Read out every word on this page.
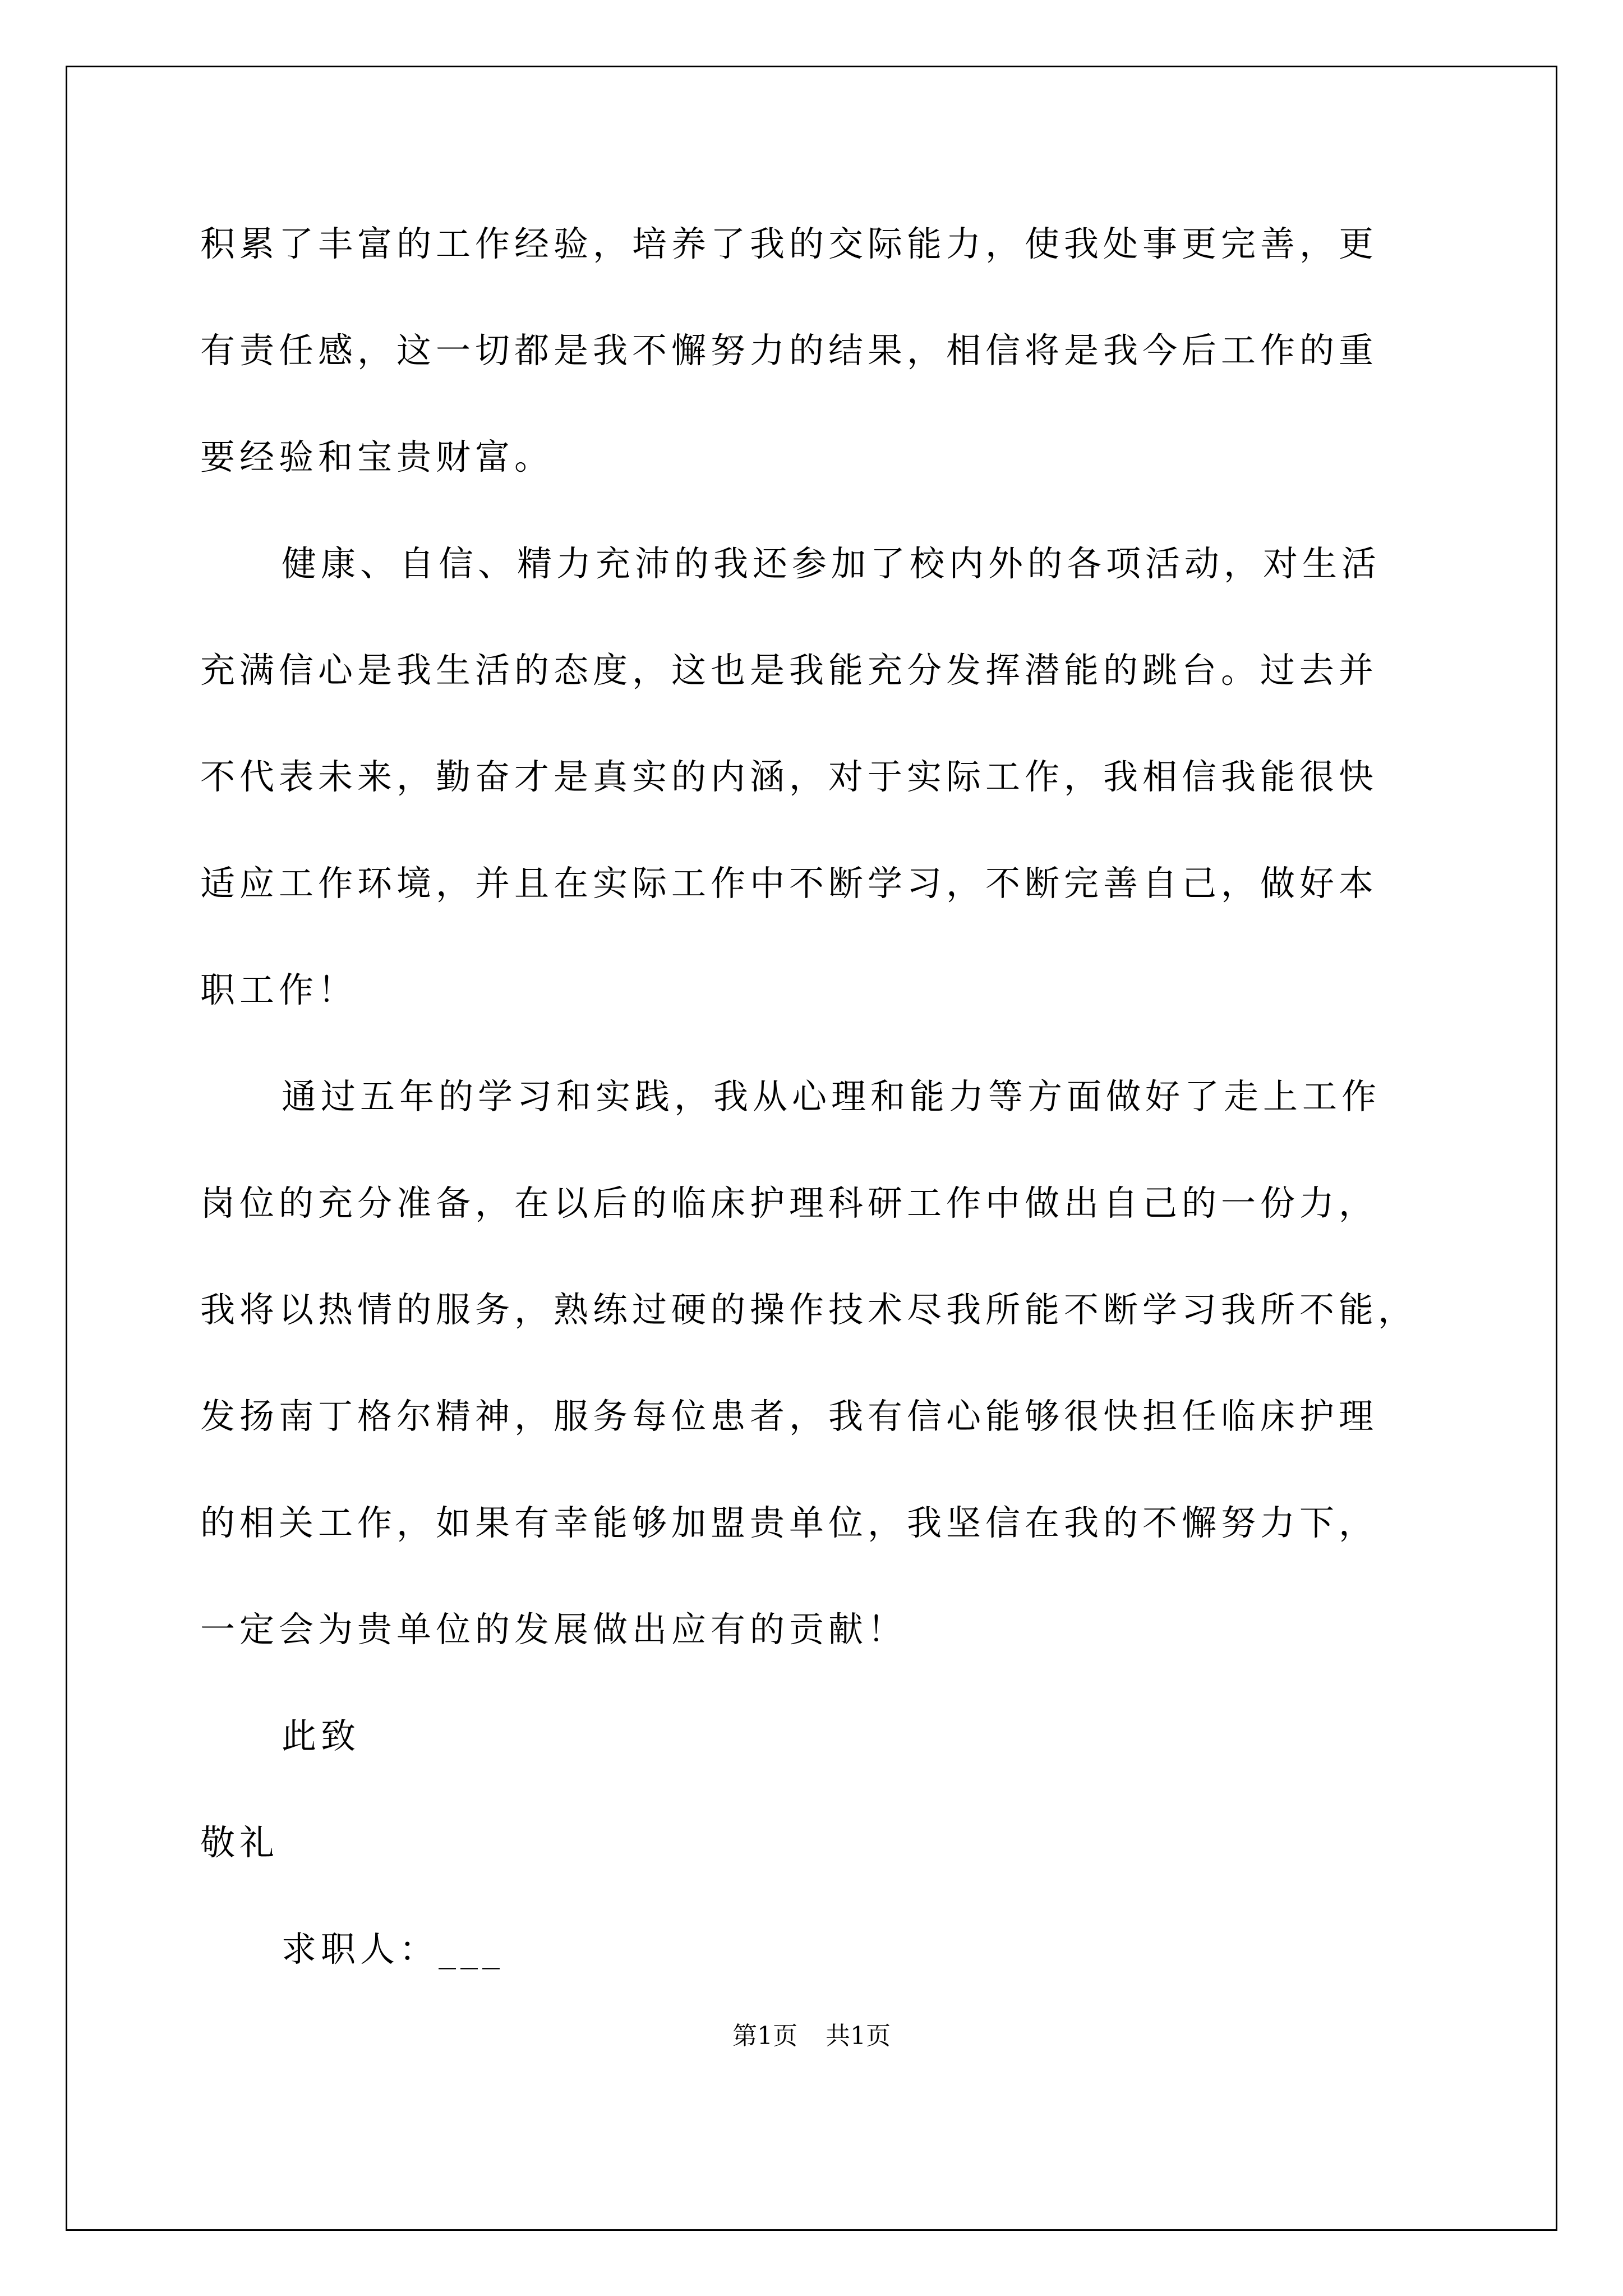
积累了丰富的工作经验，培养了我的交际能力，使我处事更完善，更
有责任感，这一切都是我不懈努力的结果，相信将是我今后工作的重
要经验和宝贵财富。
健康、自信、精力充沛的我还参加了校内外的各项活动，对生活
充满信心是我生活的态度，这也是我能充分发挥潜能的跳台。过去并
不代表未来，勤奋才是真实的内涵，对于实际工作，我相信我能很快
适应工作环境，并且在实际工作中不断学习，不断完善自己，做好本
职工作！
通过五年的学习和实践，我从心理和能力等方面做好了走上工作
岗位的充分准备，在以后的临床护理科研工作中做出自己的一份力，
我将以热情的服务，熟练过硬的操作技术尽我所能不断学习我所不能，
发扬南丁格尔精神，服务每位患者，我有信心能够很快担任临床护理
的相关工作，如果有幸能够加盟贵单位，我坚信在我的不懈努力下，
一定会为贵单位的发展做出应有的贡献！
此致
敬礼
求职人：___
第1页 共1页
